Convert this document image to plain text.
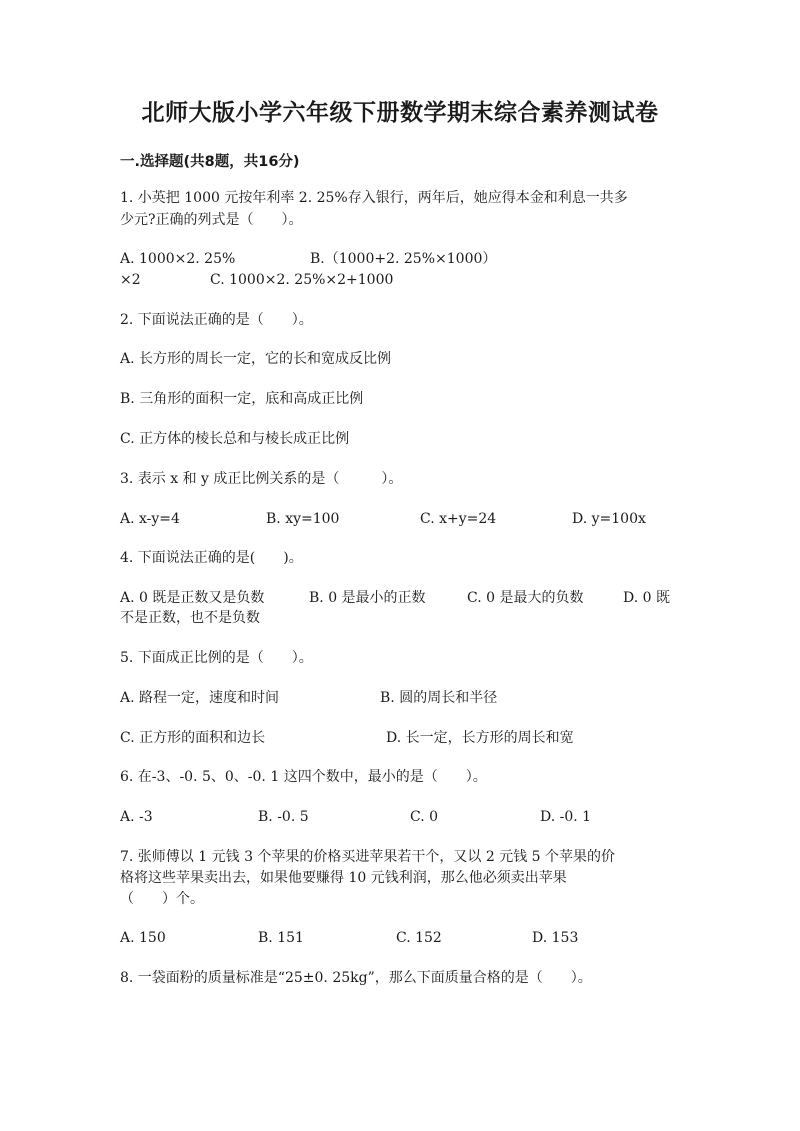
北师大版小学六年级下册数学期末综合素养测试卷
一.选择题(共8题，共16分)
1. 小英把 1000 元按年利率 2. 25%存入银行，两年后，她应得本金和利息一共多
少元?正确的列式是（　　）。
A. 1000×2. 25%	B.（1000+2. 25%×1000）
×2	C. 1000×2. 25%×2+1000
2. 下面说法正确的是（　　）。
A. 长方形的周长一定，它的长和宽成反比例
B. 三角形的面积一定，底和高成正比例
C. 正方体的棱长总和与棱长成正比例
3. 表示 x 和 y 成正比例关系的是（　　　）。
A. x-y=4	B. xy=100	C. x+y=24	D. y=100x
4. 下面说法正确的是(　　)。
A. 0 既是正数又是负数	B. 0 是最小的正数	C. 0 是最大的负数	D. 0 既
不是正数，也不是负数
5. 下面成正比例的是（　　）。
A. 路程一定，速度和时间	B. 圆的周长和半径
C. 正方形的面积和边长	D. 长一定，长方形的周长和宽
6. 在-3、-0. 5、0、-0. 1 这四个数中，最小的是（　　）。
A. -3	B. -0. 5	C. 0	D. -0. 1
7. 张师傅以 1 元钱 3 个苹果的价格买进苹果若干个，又以 2 元钱 5 个苹果的价
格将这些苹果卖出去，如果他要赚得 10 元钱利润，那么他必须卖出苹果
（　　）个。
A. 150	B. 151	C. 152	D. 153
8. 一袋面粉的质量标准是“25±0. 25kg”，那么下面质量合格的是（　　）。
